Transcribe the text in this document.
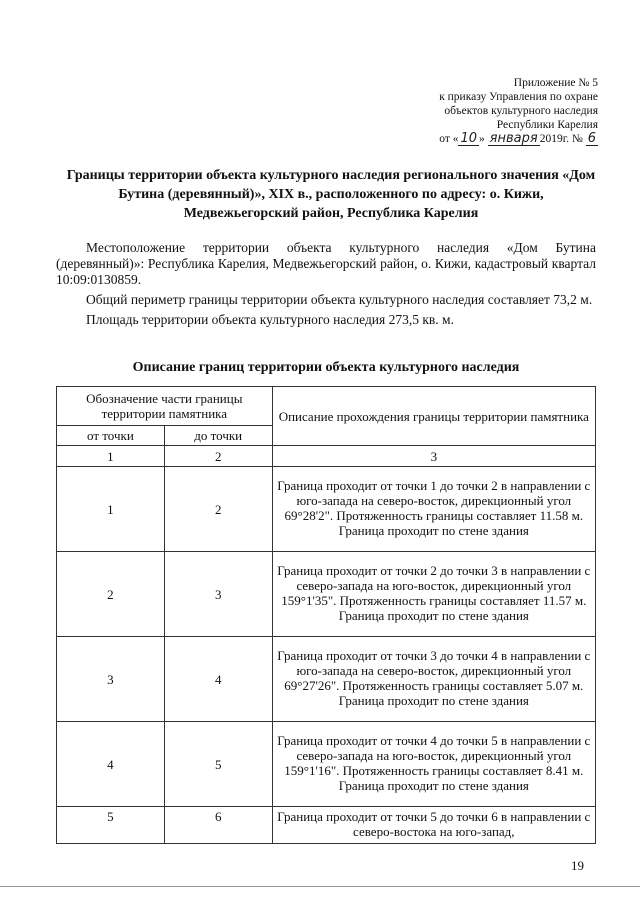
Приложение № 5
к приказу Управления по охране
объектов культурного наследия
Республики Карелия
от « 10 » января 2019г. № 6
Границы территории объекта культурного наследия регионального значения «Дом Бутина (деревянный)», XIX в., расположенного по адресу: о. Кижи, Медвежьегорский район, Республика Карелия

Местоположение территории объекта культурного наследия «Дом Бутина (деревянный)»: Республика Карелия, Медвежьегорский район, о. Кижи, кадастровый квартал 10:09:0130859.

Общий периметр границы территории объекта культурного наследия составляет 73,2 м.

Площадь территории объекта культурного наследия 273,5 кв. м.

Описание границ территории объекта культурного наследия
Обозначение части границы территории памятника		Описание прохождения границы территории памятника
от точки	до точки	
1	2	3
1	2	Граница проходит от точки 1 до точки 2 в направлении с юго-запада на северо-восток, дирекционный угол 69°28'2". Протяженность границы составляет 11.58 м. Граница проходит по стене здания
2	3	Граница проходит от точки 2 до точки 3 в направлении с северо-запада на юго-восток, дирекционный угол 159°1'35". Протяженность границы составляет 11.57 м. Граница проходит по стене здания
3	4	Граница проходит от точки 3 до точки 4 в направлении с юго-запада на северо-восток, дирекционный угол 69°27'26". Протяженность границы составляет 5.07 м. Граница проходит по стене здания
4	5	Граница проходит от точки 4 до точки 5 в направлении с северо-запада на юго-восток, дирекционный угол 159°1'16". Протяженность границы составляет 8.41 м. Граница проходит по стене здания
5	6	Граница проходит от точки 5 до точки 6 в направлении с северо-востока на юго-запад,
19
